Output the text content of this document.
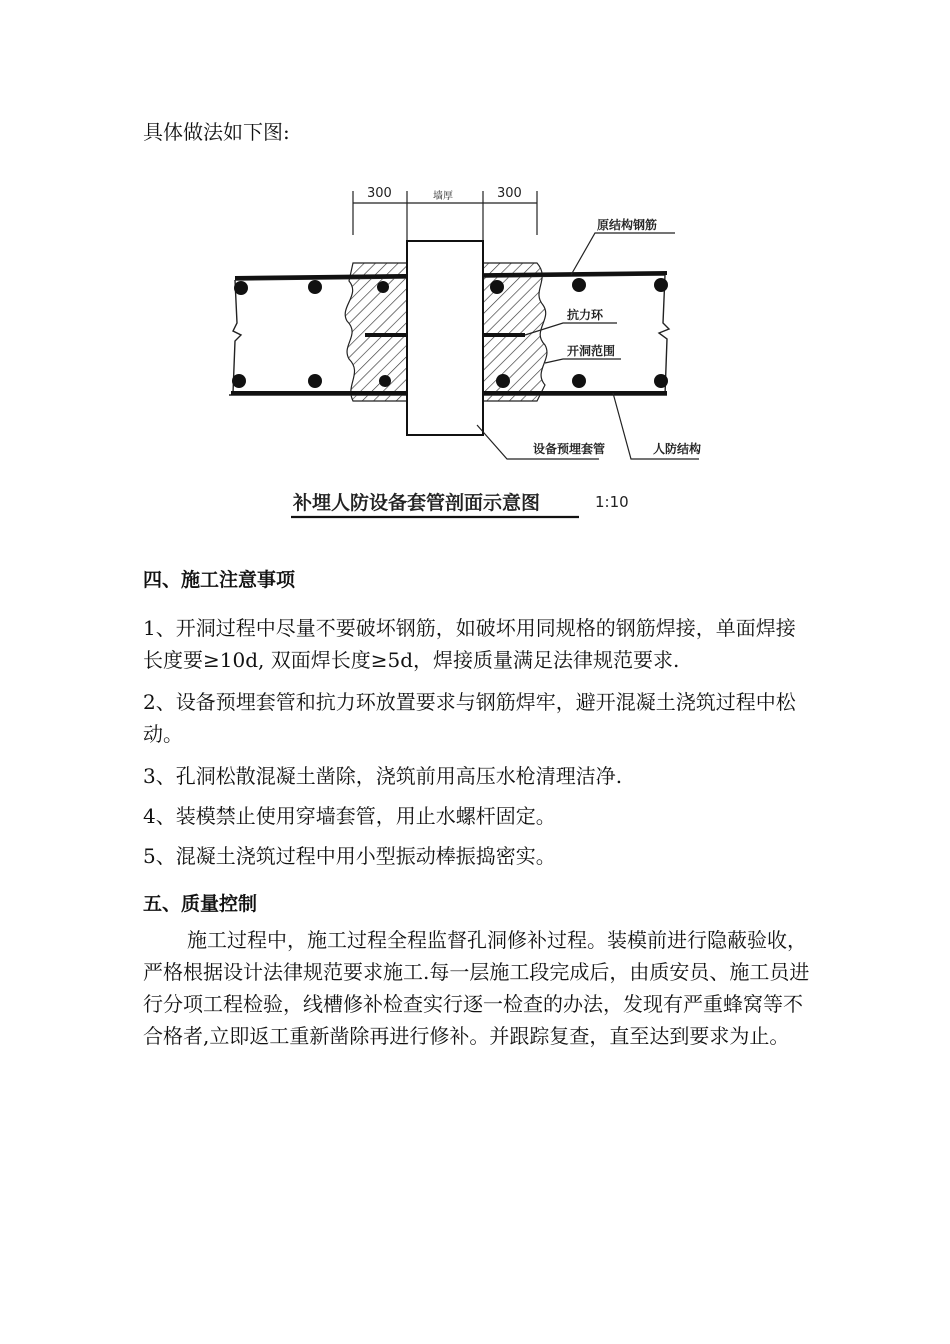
具体做法如下图:
300	墙厚	300
原结构钢筋
抗力环
开洞范围
设备预埋套管	人防结构
补埋人防设备套管剖面示意图	1:10
四、施工注意事项
1、开洞过程中尽量不要破坏钢筋，如破坏用同规格的钢筋焊接，单面焊接长度要≥10d, 双面焊长度≥5d，焊接质量满足法律规范要求.
2、设备预埋套管和抗力环放置要求与钢筋焊牢，避开混凝土浇筑过程中松动。
3、孔洞松散混凝土凿除，浇筑前用高压水枪清理洁净.
4、装模禁止使用穿墙套管，用止水螺杆固定。
5、混凝土浇筑过程中用小型振动棒振捣密实。
五、质量控制
施工过程中，施工过程全程监督孔洞修补过程。装模前进行隐蔽验收，严格根据设计法律规范要求施工.每一层施工段完成后，由质安员、施工员进行分项工程检验，线槽修补检查实行逐一检查的办法，发现有严重蜂窝等不合格者,立即返工重新凿除再进行修补。并跟踪复查，直至达到要求为止。
